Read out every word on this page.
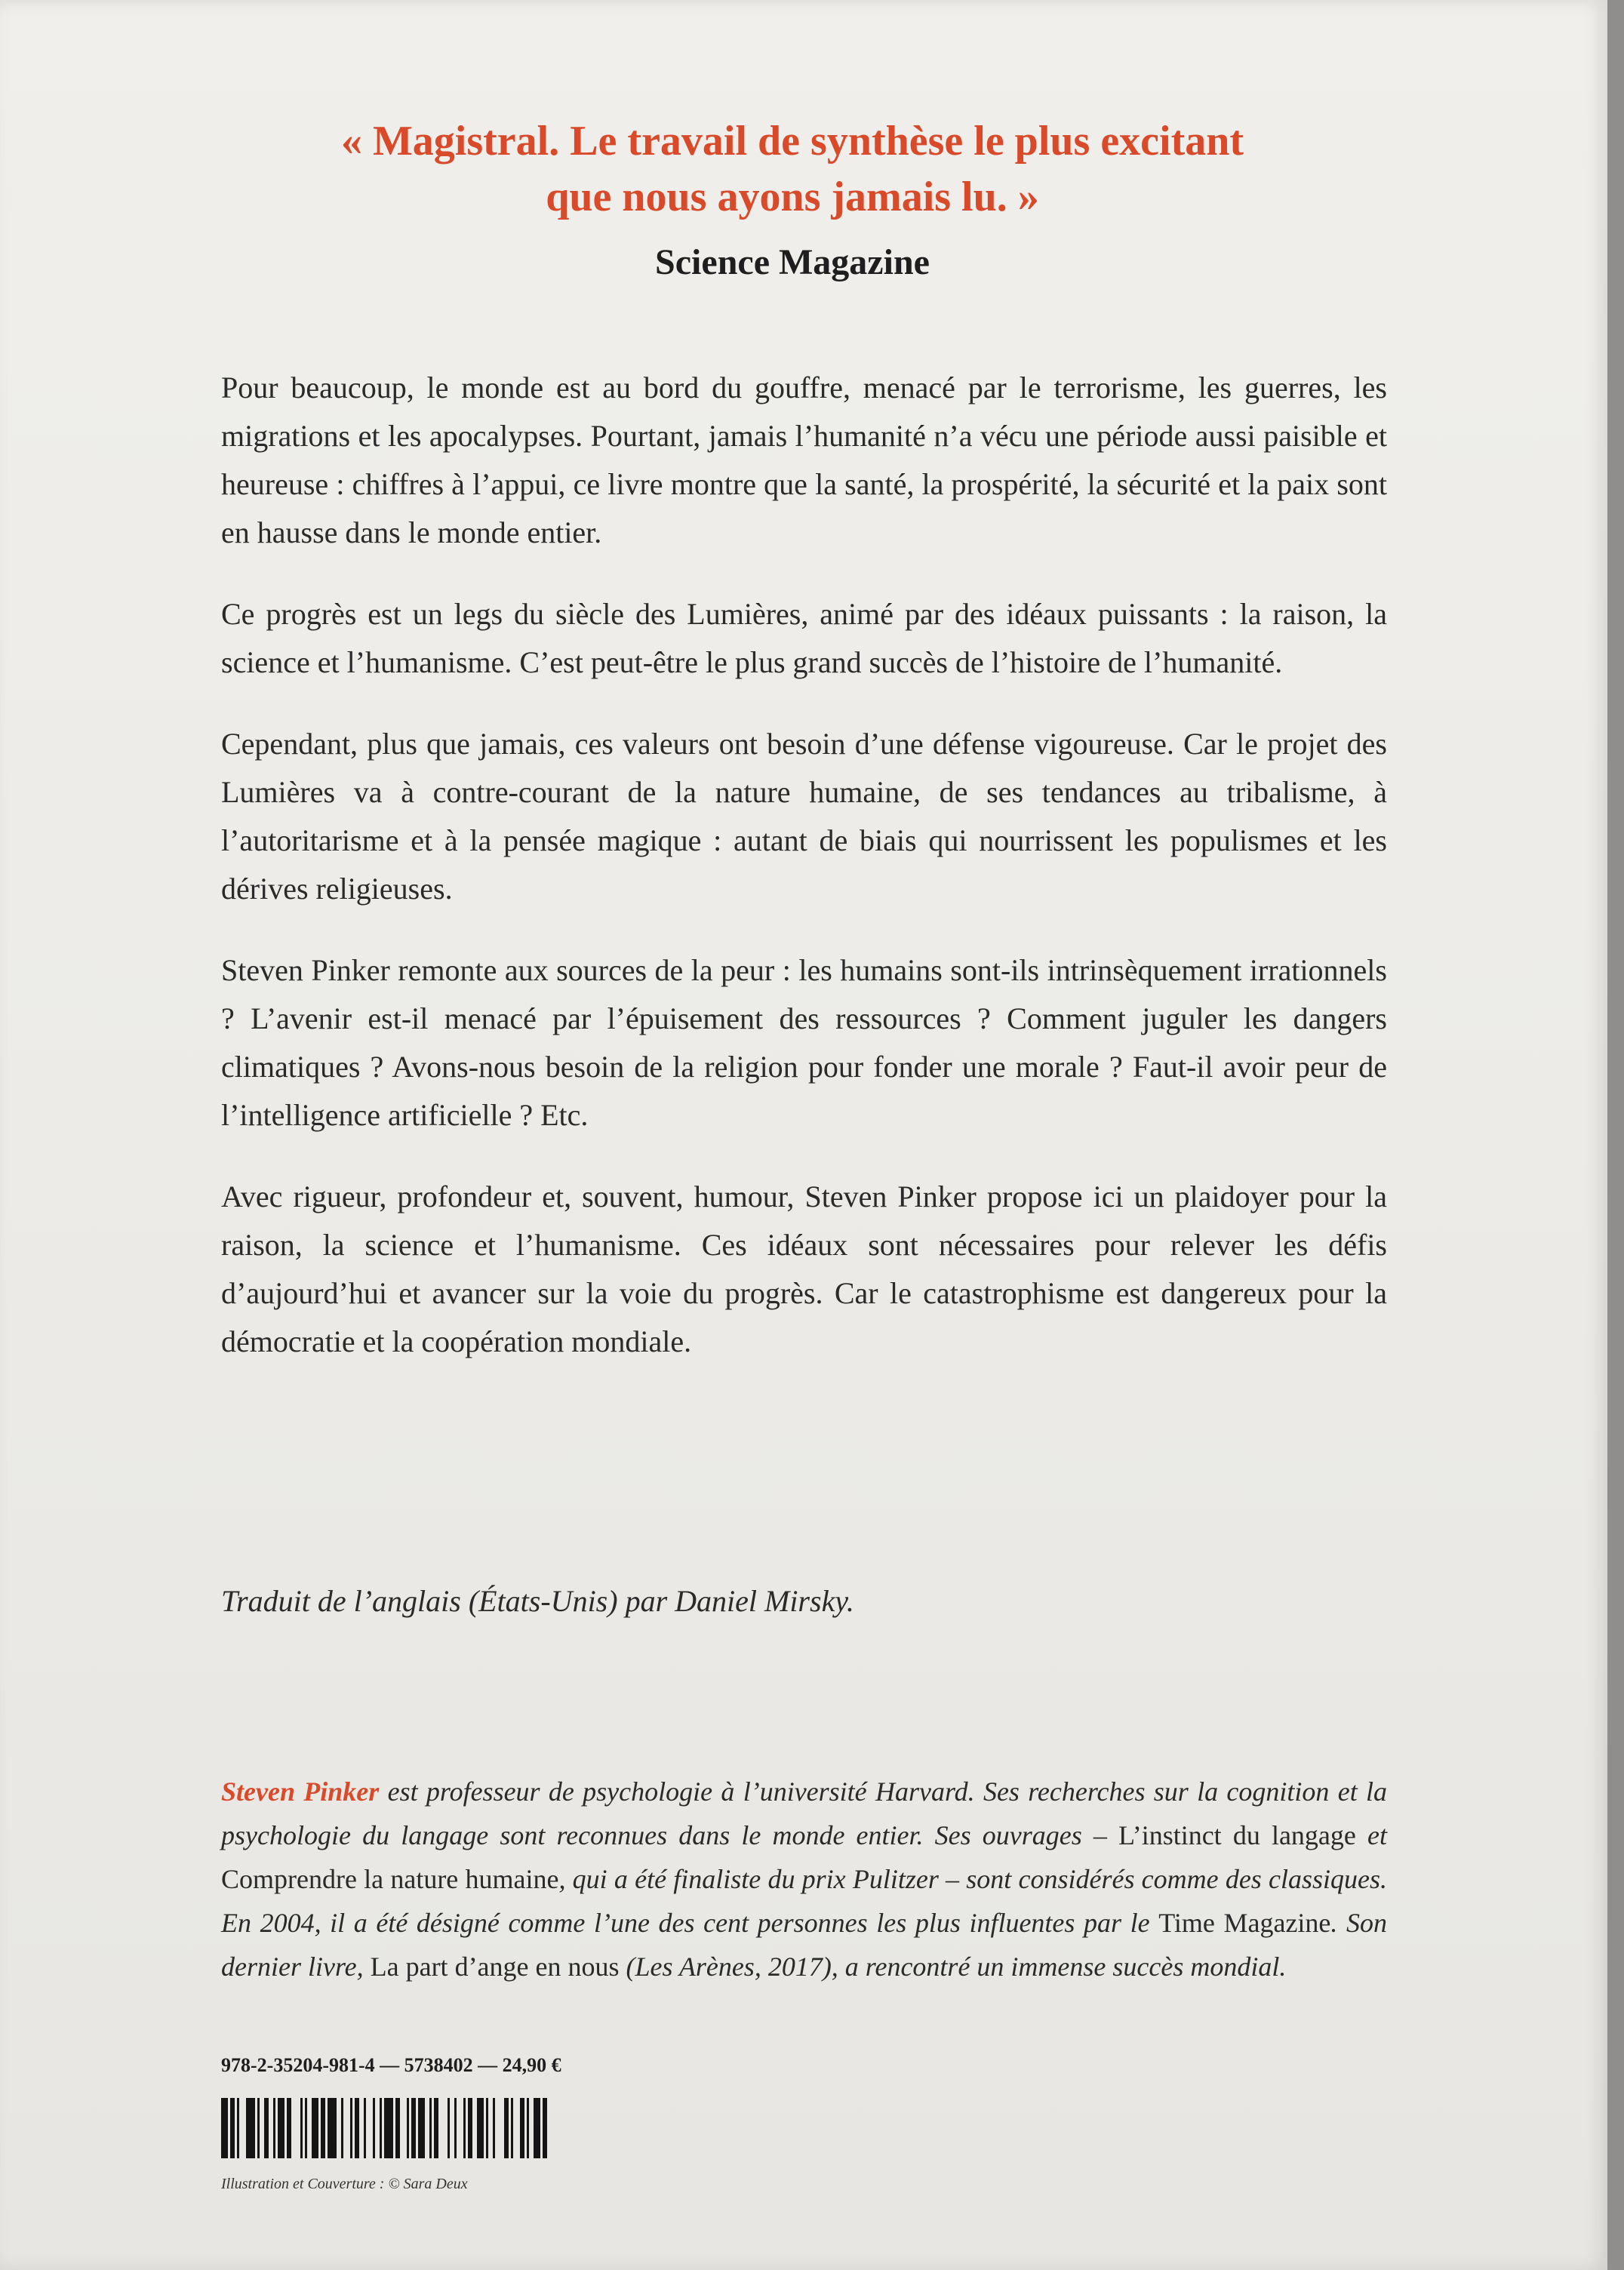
« Magistral. Le travail de synthèse le plus excitant
que nous ayons jamais lu. »
Science Magazine

Pour beaucoup, le monde est au bord du gouffre, menacé par le terrorisme, les guerres, les migrations et les apocalypses. Pourtant, jamais l’humanité n’a vécu une période aussi paisible et heureuse : chiffres à l’appui, ce livre montre que la santé, la prospérité, la sécurité et la paix sont en hausse dans le monde entier.

Ce progrès est un legs du siècle des Lumières, animé par des idéaux puissants : la raison, la science et l’humanisme. C’est peut-être le plus grand succès de l’histoire de l’humanité.

Cependant, plus que jamais, ces valeurs ont besoin d’une défense vigoureuse. Car le projet des Lumières va à contre-courant de la nature humaine, de ses tendances au tribalisme, à l’autoritarisme et à la pensée magique : autant de biais qui nourrissent les populismes et les dérives religieuses.

Steven Pinker remonte aux sources de la peur : les humains sont-ils intrinsèquement irrationnels ? L’avenir est-il menacé par l’épuisement des ressources ? Comment juguler les dangers climatiques ? Avons-nous besoin de la religion pour fonder une morale ? Faut-il avoir peur de l’intelligence artificielle ? Etc.

Avec rigueur, profondeur et, souvent, humour, Steven Pinker propose ici un plaidoyer pour la raison, la science et l’humanisme. Ces idéaux sont nécessaires pour relever les défis d’aujourd’hui et avancer sur la voie du progrès. Car le catastrophisme est dangereux pour la démocratie et la coopération mondiale.

Traduit de l’anglais (États-Unis) par Daniel Mirsky.
Steven Pinker est professeur de psychologie à l’université Harvard. Ses recherches sur la cognition et la psychologie du langage sont reconnues dans le monde entier. Ses ouvrages – L’instinct du langage et Comprendre la nature humaine, qui a été finaliste du prix Pulitzer – sont considérés comme des classiques. En 2004, il a été désigné comme l’une des cent personnes les plus influentes par le Time Magazine. Son dernier livre, La part d’ange en nous (Les Arènes, 2017), a rencontré un immense succès mondial.
978-2-35204-981-4 — 5738402 — 24,90 €
Illustration et Couverture : © Sara Deux
